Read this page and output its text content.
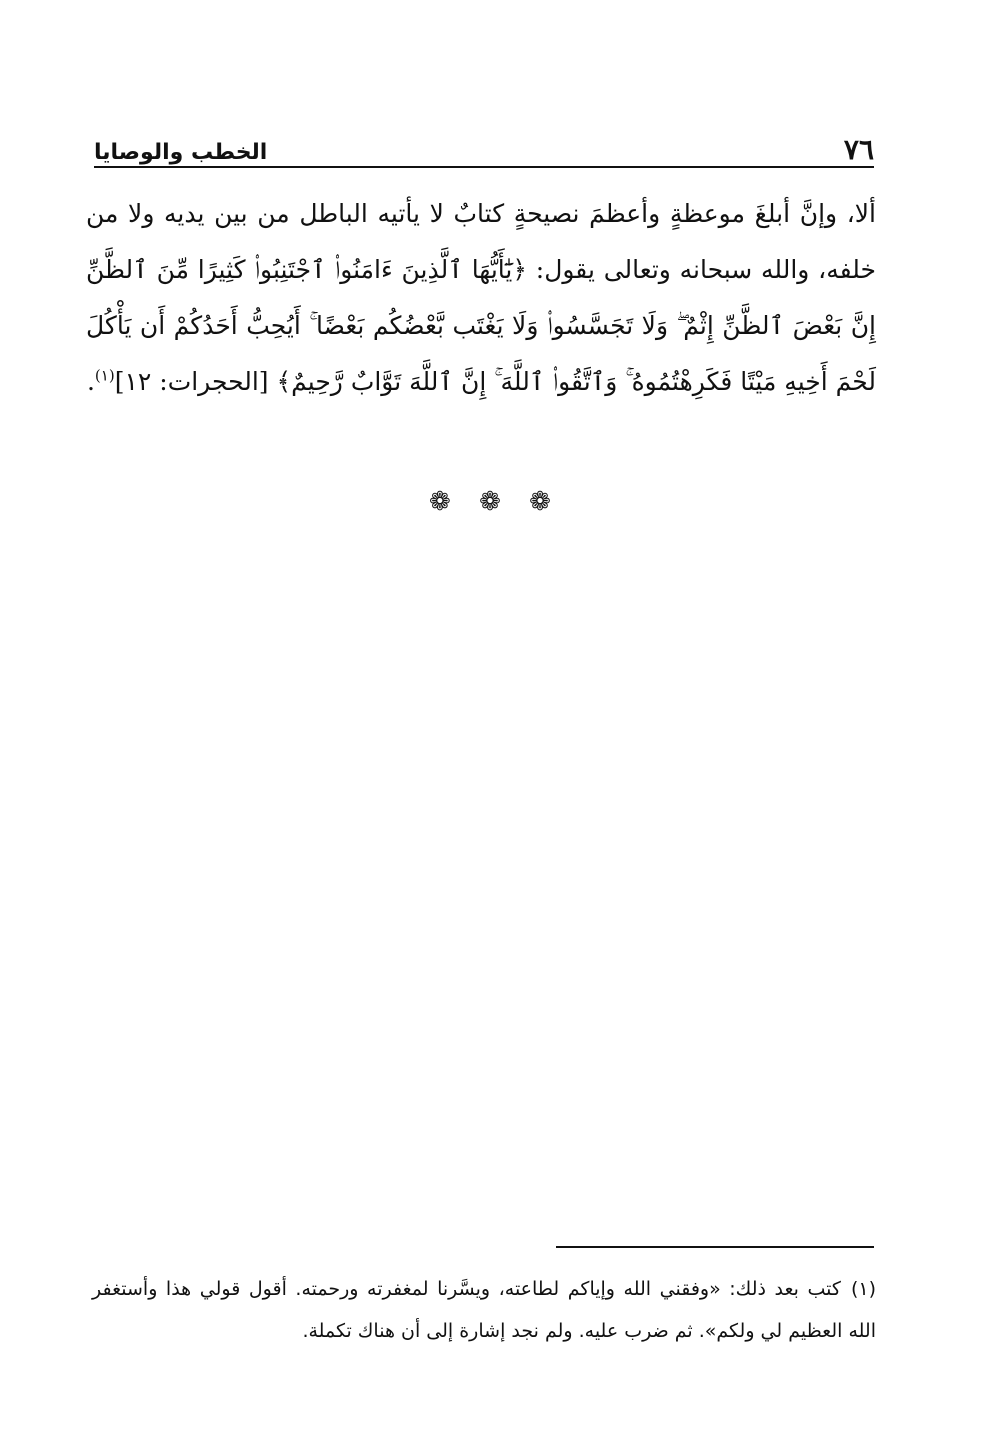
٧٦
الخطب والوصايا
ألا، وإنَّ أبلغَ موعظةٍ وأعظمَ نصيحةٍ كتابٌ لا يأتيه الباطل من بين يديه ولا من خلفه، والله سبحانه وتعالى يقول: ﴿يَٰٓأَيُّهَا ٱلَّذِينَ ءَامَنُوا۟ ٱجْتَنِبُوا۟ كَثِيرًا مِّنَ ٱلظَّنِّ إِنَّ بَعْضَ ٱلظَّنِّ إِثْمٌ ۖ وَلَا تَجَسَّسُوا۟ وَلَا يَغْتَب بَّعْضُكُم بَعْضًا ۚ أَيُحِبُّ أَحَدُكُمْ أَن يَأْكُلَ لَحْمَ أَخِيهِ مَيْتًا فَكَرِهْتُمُوهُ ۚ وَٱتَّقُوا۟ ٱللَّهَ ۚ إِنَّ ٱللَّهَ تَوَّابٌ رَّحِيمٌ﴾ [الحجرات: ١٢]$^{(١)}$.
❁ ❁ ❁
(١)كتب بعد ذلك: «وفقني الله وإياكم لطاعته، ويسَّرنا لمغفرته ورحمته. أقول قولي هذا وأستغفر الله العظيم لي ولكم». ثم ضرب عليه. ولم نجد إشارة إلى أن هناك تكملة.
